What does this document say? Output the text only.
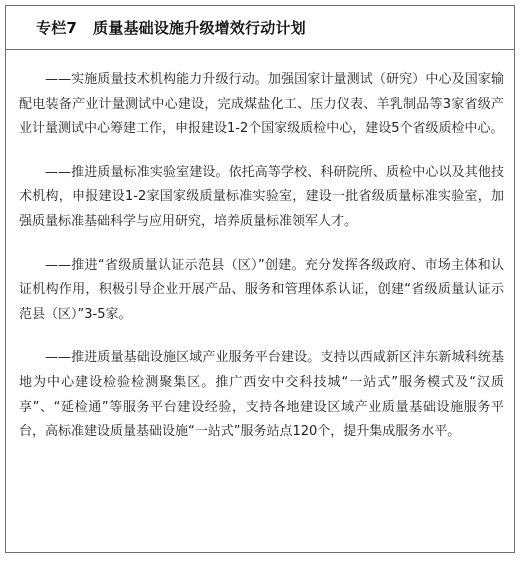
专栏7 质量基础设施升级增效行动计划

——实施质量技术机构能力升级行动。加强国家计量测试（研究）中心及国家输配电装备产业计量测试中心建设，完成煤盐化工、压力仪表、羊乳制品等3家省级产业计量测试中心筹建工作，申报建设1-2个国家级质检中心，建设5个省级质检中心。

——推进质量标准实验室建设。依托高等学校、科研院所、质检中心以及其他技术机构，申报建设1-2家国家级质量标准实验室，建设一批省级质量标准实验室，加强质量标准基础科学与应用研究，培养质量标准领军人才。

——推进“省级质量认证示范县（区）”创建。充分发挥各级政府、市场主体和认证机构作用，积极引导企业开展产品、服务和管理体系认证，创建“省级质量认证示范县（区）”3-5家。

——推进质量基础设施区域产业服务平台建设。支持以西咸新区沣东新城科统基地为中心建设检验检测聚集区。推广西安中交科技城“一站式”服务模式及“汉质享”、“延检通”等服务平台建设经验，支持各地建设区域产业质量基础设施服务平台，高标准建设质量基础设施“一站式”服务站点120个，提升集成服务水平。
